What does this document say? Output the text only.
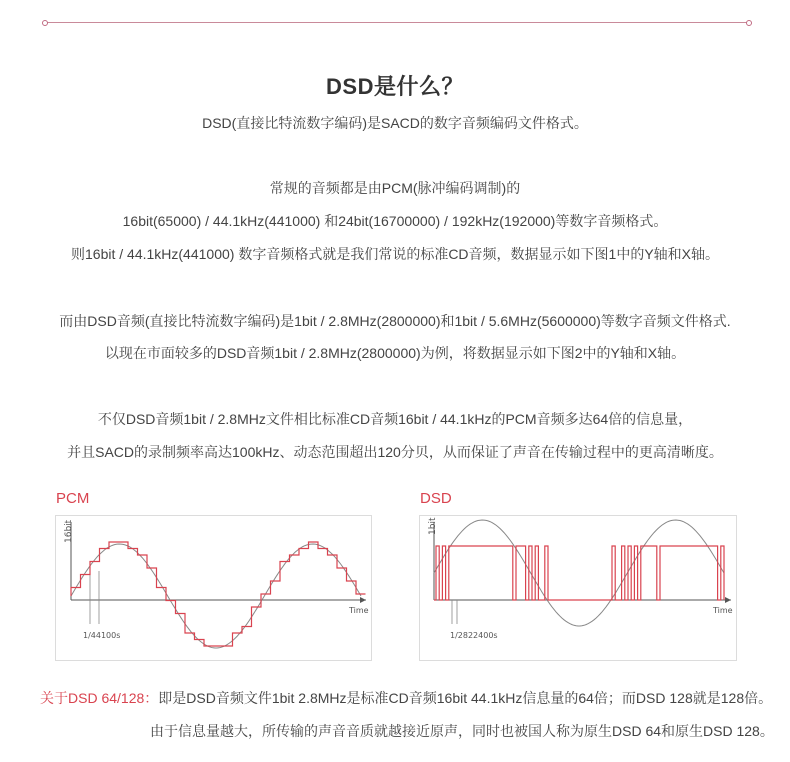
DSD是什么？

DSD(直接比特流数字编码)是SACD的数字音频编码文件格式。

常规的音频都是由PCM(脉冲编码调制)的

16bit(65000) / 44.1kHz(441000) 和24bit(16700000) / 192kHz(192000)等数字音频格式。

则16bit / 44.1kHz(441000) 数字音频格式就是我们常说的标准CD音频，数据显示如下图1中的Y轴和X轴。

而由DSD音频(直接比特流数字编码)是1bit / 2.8MHz(2800000)和1bit / 5.6MHz(5600000)等数字音频文件格式.

以现在市面较多的DSD音频1bit / 2.8MHz(2800000)为例，将数据显示如下图2中的Y轴和X轴。

不仅DSD音频1bit / 2.8MHz文件相比标准CD音频16bit / 44.1kHz的PCM音频多达64倍的信息量，

并且SACD的录制频率高达100kHz、动态范围超出120分贝，从而保证了声音在传输过程中的更高清晰度。

PCM
16bit
Time
1/44100s
DSD
1bit
Time
1/2822400s
关于DSD 64/128：即是DSD音频文件1bit 2.8MHz是标准CD音频16bit 44.1kHz信息量的64倍；而DSD 128就是128倍。
由于信息量越大，所传输的声音音质就越接近原声，同时也被国人称为原生DSD 64和原生DSD 128。
